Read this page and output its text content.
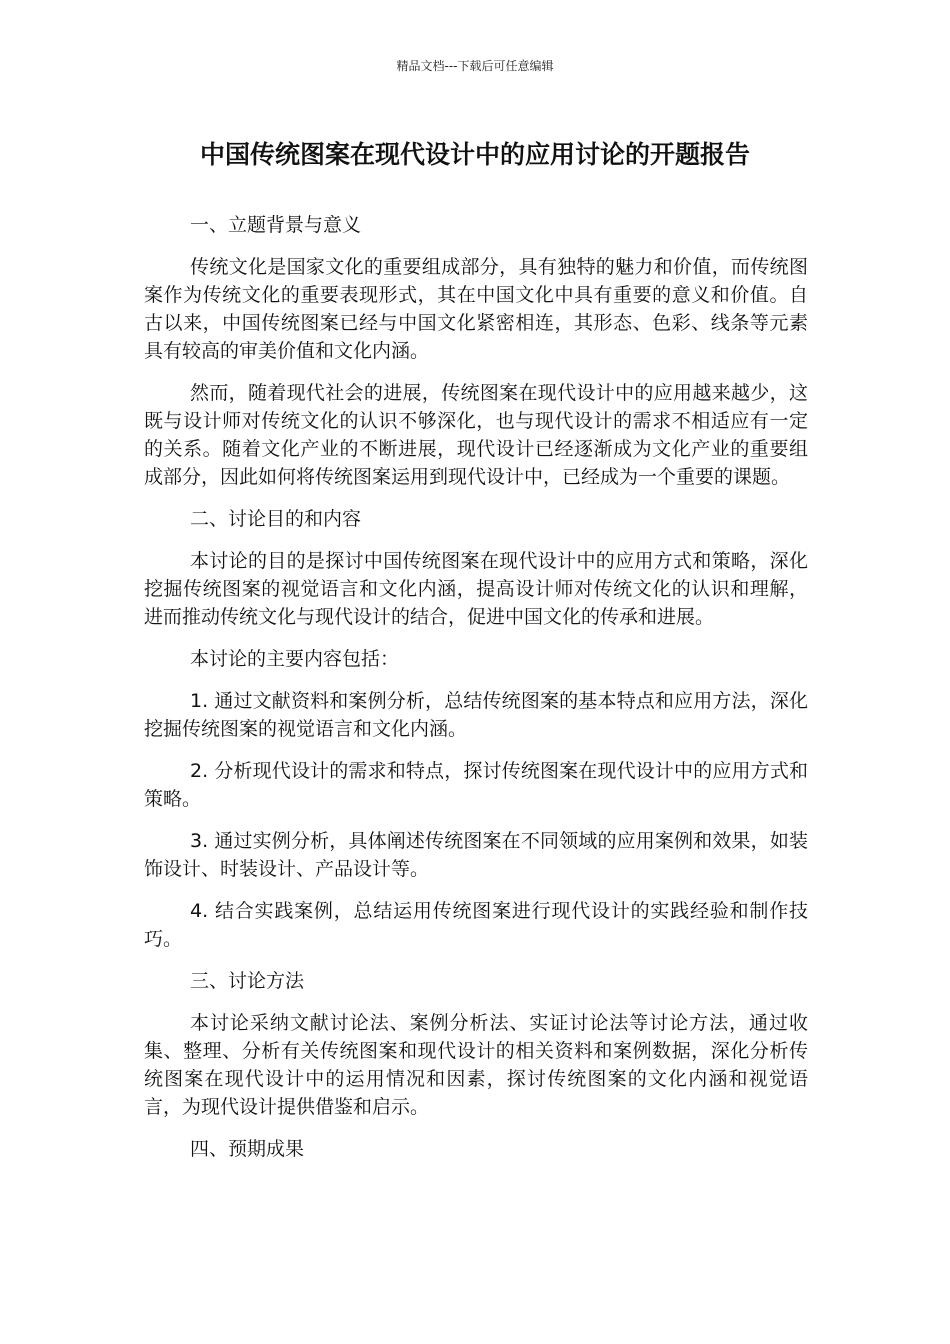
精品文档---下载后可任意编辑
中国传统图案在现代设计中的应用讨论的开题报告
一、立题背景与意义

传统文化是国家文化的重要组成部分，具有独特的魅力和价值，而传统图案作为传统文化的重要表现形式，其在中国文化中具有重要的意义和价值。自古以来，中国传统图案已经与中国文化紧密相连，其形态、色彩、线条等元素具有较高的审美价值和文化内涵。

然而，随着现代社会的进展，传统图案在现代设计中的应用越来越少，这既与设计师对传统文化的认识不够深化，也与现代设计的需求不相适应有一定的关系。随着文化产业的不断进展，现代设计已经逐渐成为文化产业的重要组成部分，因此如何将传统图案运用到现代设计中，已经成为一个重要的课题。

二、讨论目的和内容

本讨论的目的是探讨中国传统图案在现代设计中的应用方式和策略，深化挖掘传统图案的视觉语言和文化内涵，提高设计师对传统文化的认识和理解，进而推动传统文化与现代设计的结合，促进中国文化的传承和进展。

本讨论的主要内容包括：

1. 通过文献资料和案例分析，总结传统图案的基本特点和应用方法，深化挖掘传统图案的视觉语言和文化内涵。

2. 分析现代设计的需求和特点，探讨传统图案在现代设计中的应用方式和策略。

3. 通过实例分析，具体阐述传统图案在不同领域的应用案例和效果，如装饰设计、时装设计、产品设计等。

4. 结合实践案例，总结运用传统图案进行现代设计的实践经验和制作技巧。

三、讨论方法

本讨论采纳文献讨论法、案例分析法、实证讨论法等讨论方法，通过收集、整理、分析有关传统图案和现代设计的相关资料和案例数据，深化分析传统图案在现代设计中的运用情况和因素，探讨传统图案的文化内涵和视觉语言，为现代设计提供借鉴和启示。

四、预期成果
